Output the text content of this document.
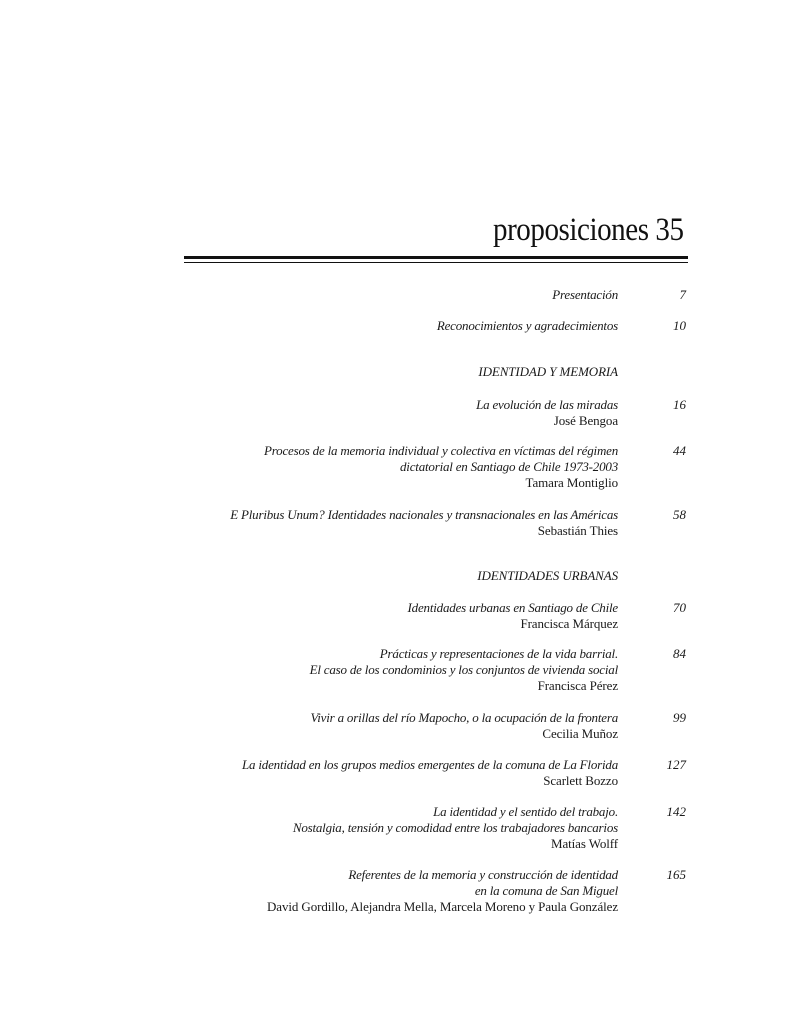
proposiciones 35
Presentación	7
Reconocimientos y agradecimientos	10
IDENTIDAD Y MEMORIA
La evolución de las miradas
José Bengoa
16
Procesos de la memoria individual y colectiva en víctimas del régimen
dictatorial en Santiago de Chile 1973-2003
Tamara Montiglio
44
E Pluribus Unum? Identidades nacionales y transnacionales en las Américas
Sebastián Thies
58
IDENTIDADES URBANAS
Identidades urbanas en Santiago de Chile
Francisca Márquez
70
Prácticas y representaciones de la vida barrial.
El caso de los condominios y los conjuntos de vivienda social
Francisca Pérez
84
Vivir a orillas del río Mapocho, o la ocupación de la frontera
Cecilia Muñoz
99
La identidad en los grupos medios emergentes de la comuna de La Florida
Scarlett Bozzo
127
La identidad y el sentido del trabajo.
Nostalgia, tensión y comodidad entre los trabajadores bancarios
Matías Wolff
142
Referentes de la memoria y construcción de identidad
en la comuna de San Miguel
David Gordillo, Alejandra Mella, Marcela Moreno y Paula González
165
